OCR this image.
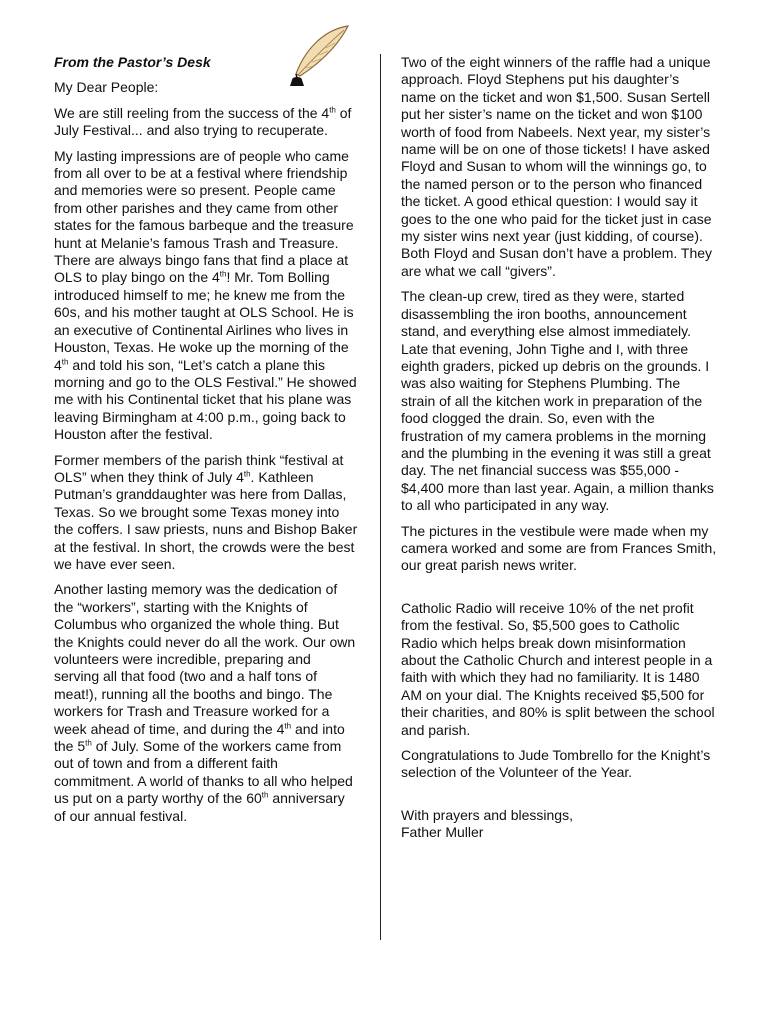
From the Pastor’s Desk

My Dear People:

We are still reeling from the success of the 4th of July Festival... and also trying to recuperate.

My lasting impressions are of people who came from all over to be at a festival where friendship and memories were so present. People came from other parishes and they came from other states for the famous barbeque and the treasure hunt at Melanie’s famous Trash and Treasure. There are always bingo fans that find a place at OLS to play bingo on the 4th! Mr. Tom Bolling introduced himself to me; he knew me from the 60s, and his mother taught at OLS School. He is an executive of Continental Airlines who lives in Houston, Texas. He woke up the morning of the 4th and told his son, “Let’s catch a plane this morning and go to the OLS Festival.” He showed me with his Continental ticket that his plane was leaving Birmingham at 4:00 p.m., going back to Houston after the festival.

Former members of the parish think “festival at OLS” when they think of July 4th. Kathleen Putman’s granddaughter was here from Dallas, Texas. So we brought some Texas money into the coffers. I saw priests, nuns and Bishop Baker at the festival. In short, the crowds were the best we have ever seen.

Another lasting memory was the dedication of the “workers”, starting with the Knights of Columbus who organized the whole thing. But the Knights could never do all the work. Our own volunteers were incredible, preparing and serving all that food (two and a half tons of meat!), running all the booths and bingo. The workers for Trash and Treasure worked for a week ahead of time, and during the 4th and into the 5th of July. Some of the workers came from out of town and from a different faith commitment. A world of thanks to all who helped us put on a party worthy of the 60th anniversary of our annual festival.

Two of the eight winners of the raffle had a unique approach. Floyd Stephens put his daughter’s name on the ticket and won $1,500. Susan Sertell put her sister’s name on the ticket and won $100 worth of food from Nabeels. Next year, my sister’s name will be on one of those tickets! I have asked Floyd and Susan to whom will the winnings go, to the named person or to the person who financed the ticket. A good ethical question: I would say it goes to the one who paid for the ticket just in case my sister wins next year (just kidding, of course). Both Floyd and Susan don’t have a problem. They are what we call “givers”.

The clean-up crew, tired as they were, started disassembling the iron booths, announcement stand, and everything else almost immediately. Late that evening, John Tighe and I, with three eighth graders, picked up debris on the grounds. I was also waiting for Stephens Plumbing. The strain of all the kitchen work in preparation of the food clogged the drain. So, even with the frustration of my camera problems in the morning and the plumbing in the evening it was still a great day. The net financial success was $55,000 - $4,400 more than last year. Again, a million thanks to all who participated in any way.

The pictures in the vestibule were made when my camera worked and some are from Frances Smith, our great parish news writer.

Catholic Radio will receive 10% of the net profit from the festival. So, $5,500 goes to Catholic Radio which helps break down misinformation about the Catholic Church and interest people in a faith with which they had no familiarity. It is 1480 AM on your dial. The Knights received $5,500 for their charities, and 80% is split between the school and parish.

Congratulations to Jude Tombrello for the Knight’s selection of the Volunteer of the Year.

With prayers and blessings,
Father Muller
